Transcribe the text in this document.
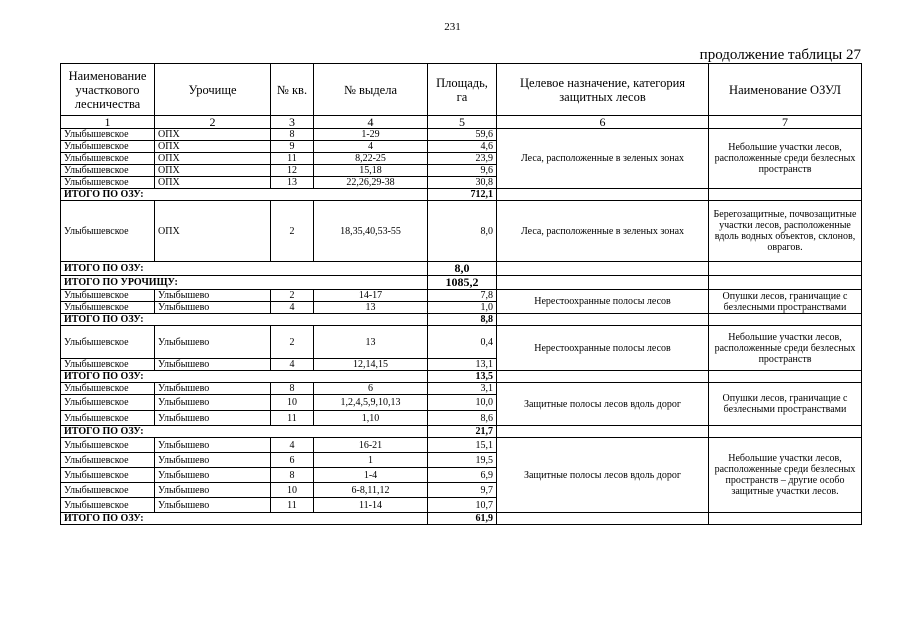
231
продолжение таблицы 27
Наименование участкового лесничества	Урочище	№ кв.	№ выдела	Площадь, га	Целевое назначение, категория защитных лесов	Наименование ОЗУЛ
1	2	3	4	5	6	7
Улыбышевское	ОПХ	8	1-29	59,6	Леса, расположенные в зеленых зонах	Небольшие участки лесов, расположенные среди безлесных пространств
Улыбышевское	ОПХ	9	4	4,6		
Улыбышевское	ОПХ	11	8,22-25	23,9		
Улыбышевское	ОПХ	12	15,18	9,6		
Улыбышевское	ОПХ	13	22,26,29-38	30,8		
ИТОГО ПО ОЗУ:				712,1		
Улыбышевское	ОПХ	2	18,35,40,53-55	8,0	Леса, расположенные в зеленых зонах	Берегозащитные, почвозащитные участки лесов, расположенные вдоль водных объектов, склонов, оврагов.
ИТОГО ПО ОЗУ:				8,0		
ИТОГО ПО УРОЧИЩУ:				1085,2		
Улыбышевское	Улыбышево	2	14-17	7,8	Нерестоохранные полосы лесов	Опушки лесов, граничащие с безлесными пространствами
Улыбышевское	Улыбышево	4	13	1,0		
ИТОГО ПО ОЗУ:				8,8		
Улыбышевское	Улыбышево	2	13	0,4	Нерестоохранные полосы лесов	Небольшие участки лесов, расположенные среди безлесных пространств
Улыбышевское	Улыбышево	4	12,14,15	13,1		
ИТОГО ПО ОЗУ:				13,5		
Улыбышевское	Улыбышево	8	6	3,1	Защитные полосы лесов вдоль дорог	Опушки лесов, граничащие с безлесными пространствами
Улыбышевское	Улыбышево	10	1,2,4,5,9,10,13	10,0		
Улыбышевское	Улыбышево	11	1,10	8,6		
ИТОГО ПО ОЗУ:				21,7		
Улыбышевское	Улыбышево	4	16-21	15,1	Защитные полосы лесов вдоль дорог	Небольшие участки лесов, расположенные среди безлесных пространств – другие особо защитные участки лесов.
Улыбышевское	Улыбышево	6	1	19,5		
Улыбышевское	Улыбышево	8	1-4	6,9		
Улыбышевское	Улыбышево	10	6-8,11,12	9,7		
Улыбышевское	Улыбышево	11	11-14	10,7		
ИТОГО ПО ОЗУ:				61,9		
